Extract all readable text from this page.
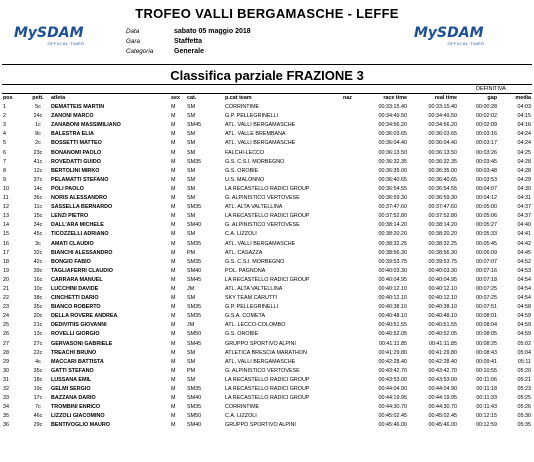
TROFEO VALLI BERGAMASCHE - LEFFE
MySDAM
OFFICIAL TIMER
Data	sabato 05 maggio 2018
Gara	Staffetta
Categoria	Generale
MySDAM
OFFICIAL TIMER
Classifica parziale FRAZIONE 3
DEFINITIVA
pos	pett.	atleta	sex	cat.		p.cat team	naz	race time	real time	gap	media
1	5c	DEMATTEIS MARTIN	M	SM		CORRINTIME		00:33:15.40	00:33:15.40	00:00:28	04:03
2	24c	ZANONI MARCO	M	SM		G.P. PELLEGRINELLI		00:34:49.50	00:34:49.50	00:02:02	04:15
3	1c	ZANABONI MASSIMILIANO	M	SM45		ATL. VALLI BERGAMASCHE		00:34:56.20	00:34:56.20	00:02:09	04:16
4	8c	BALESTRA ELIA	M	SM		ATL. VALLE BREMBANA		00:36:03.65	00:36:03.65	00:03:16	04:24
5	2c	BOSSETTI MATTEO	M	SM		ATL. VALLI BERGAMASCHE		00:36:04.40	00:36:04.40	00:03:17	04:24
6	23c	BONANOMI PAOLO	M	SM		FALCHI-LECCO		00:36:13.50	00:36:13.50	00:03:26	04:25
7	41c	ROVEDATTI GUIDO	M	SM35		G.S. C.S.I. MORBEGNO		00:36:32.35	00:36:32.35	00:03:45	04:28
8	12c	BERTOLINI MIRKO	M	SM		G.S. OROBIE		00:36:35.00	00:36:35.00	00:03:48	04:28
9	37c	PELAMATTI STEFANO	M	SM		U.S. MALONNO		00:36:40.65	00:36:40.65	00:03:53	04:29
10	14c	POLI PAOLO	M	SM		LA RECASTELLO RADICI GROUP		00:36:54.55	00:36:54.55	00:04:07	04:30
11	36c	NORIS ALESSANDRO	M	SM		G. ALPINISTICO VERTOVESE		00:36:59.30	00:36:59.30	00:04:12	04:31
12	11c	SASSELLA BERNARDO	M	SM35		ATL. ALTA VALTELLINA		00:37:47.60	00:37:47.60	00:05:00	04:37
13	15c	LENZI PIETRO	M	SM		LA RECASTELLO RADICI GROUP		00:37:52.80	00:37:52.80	00:05:06	04:37
14	34c	DALL'ARA MICHELE	M	SM40		G. ALPINISTICO VERTOVESE		00:38:14.20	00:38:14.20	00:05:27	04:40
15	45c	TICOZZELLI ADRIANO	M	SM		C.A. LIZZOLI		00:38:20.20	00:38:20.20	00:05:33	04:41
16	3c	AMATI CLAUDIO	M	SM35		ATL. VALLI BERGAMASCHE		00:38:32.25	00:38:32.25	00:05:45	04:42
17	32c	BIANCHI ALESSANDRO	M	PM		ATL. CASAZZA		00:38:56.30	00:38:56.30	00:06:09	04:45
18	42c	BONGIO FABIO	M	SM35		G.S. C.S.I. MORBEGNO		00:39:53.75	00:39:53.75	00:07:07	04:52
19	39c	TAGLIAFERRI CLAUDIO	M	SM40		POL. PAGNONA		00:40:03.30	00:40:03.30	00:07:16	04:53
20	16c	CARRARA MANUEL	M	SM45		LA RECASTELLO RADICI GROUP		00:40:04.95	00:40:04.95	00:07:18	04:54
21	10c	LUCCHINI DAVIDE	M	JM		ATL. ALTA VALTELLINA		00:40:12.10	00:40:12.10	00:07:25	04:54
22	38c	CINCHETTI DARIO	M	SM		SKY TEAM CARUTTI		00:40:12.10	00:40:12.10	00:07:25	04:54
23	35c	BIANCO ROBERTO	M	SM35		G.P. PELLEGRINELLI		00:40:38.10	00:40:38.10	00:07:51	04:58
24	20c	DELLA ROVERE ANDREA	M	SM35		G.S.A. COMETA		00:40:48.10	00:40:48.10	00:08:01	04:59
25	21c	DEDIVITIIS GIOVANNI	M	JM		ATL. LECCO-COLOMBO		00:40:51.55	00:40:51.55	00:08:04	04:59
26	13c	ROVELLI GIORGIO	M	SM50		G.S. OROBIE		00:40:52.05	00:40:52.05	00:08:05	04:59
27	27c	GERVASONI GABRIELE	M	SM45		GRUPPO SPORTIVO ALPINI		00:41:11.85	00:41:11.85	00:08:25	05:02
28	22c	TREACHI BRUNO	M	SM		ATLETICA BRESCIA MARATHON		00:41:29.80	00:41:29.80	00:08:43	05:04
29	4c	MACCARI BATTISTA	M	SM		ATL. VALLI BERGAMASCHE		00:42:28.40	00:42:28.40	00:09:41	05:11
30	35c	GATTI STEFANO	M	PM		G. ALPINISTICO VERTOVESE		00:43:42.70	00:43:42.70	00:10:55	05:20
31	18c	LUSSANA EMIL	M	SM		LA RECASTELLO RADICI GROUP		00:43:53.00	00:43:53.00	00:11:06	05:21
32	19c	GELMI SERGIO	M	SM35		LA RECASTELLO RADICI GROUP		00:44:04.90	00:44:04.90	00:11:18	05:23
33	17c	BAZZANA DARIO	M	SM40		LA RECASTELLO RADICI GROUP		00:44:19.95	00:44:19.95	00:11:33	05:25
34	7c	TROMBINI ENRICO	M	SM35		CORRINTIME		00:44:30.70	00:44:30.70	00:11:43	05:26
35	46c	LIZZOLI GIACOMINO	M	SM50		C.A. LIZZOLI		00:45:02.45	00:45:02.45	00:12:15	05:30
36	29c	BENTIVOGLIO MAURO	M	SM40		GRUPPO SPORTIVO ALPINI		00:45:46.00	00:45:46.00	00:12:59	05:35
